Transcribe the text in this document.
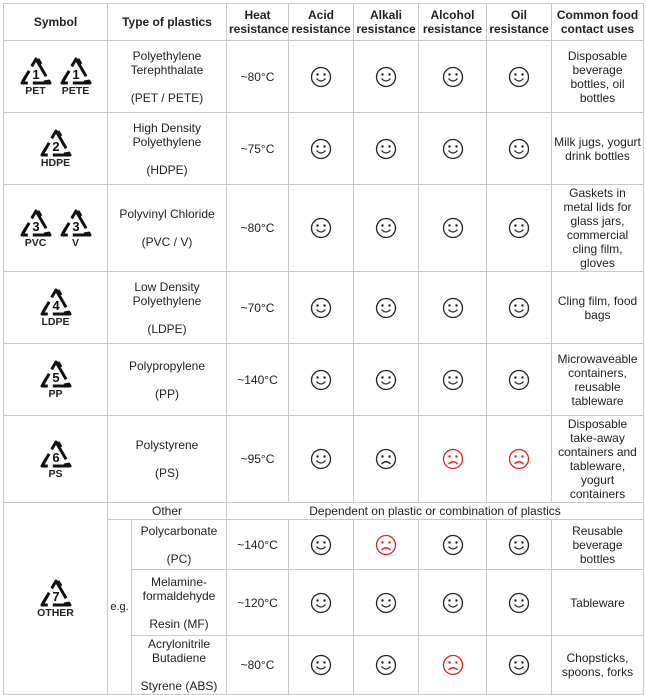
Symbol	Type of plastics		Heat resistance	Acid resistance	Alkali resistance	Alcohol resistance	Oil resistance	Common food contact uses

1
PET
1
PETE	Polyethylene
Terephthalate
(PET / PETE)		~80°C					Disposable beverage bottles, oil bottles

2
HDPE	High Density
Polyethylene
(HDPE)		~75°C					Milk jugs, yogurt drink bottles

3
PVC
3
V	Polyvinyl Chloride
(PVC / V)		~80°C					Gaskets in metal lids for glass jars, commercial cling film, gloves

4
LDPE	Low Density
Polyethylene
(LDPE)		~70°C					Cling film, food bags

5
PP	Polypropylene
(PP)		~140°C					Microwaveable containers, reusable tableware

6
PS	Polystyrene
(PS)		~95°C					Disposable take-away containers and tableware, yogurt containers

7
OTHER	Other		Dependent on plastic or combination of plastics					
	e.g.	Polycarbonate
(PC)	~140°C					Reusable beverage bottles

		Melamine-
formaldehyde
Resin (MF)	~120°C					Tableware

		Acrylonitrile
Butadiene
Styrene (ABS)	~80°C					Chopsticks, spoons, forks
